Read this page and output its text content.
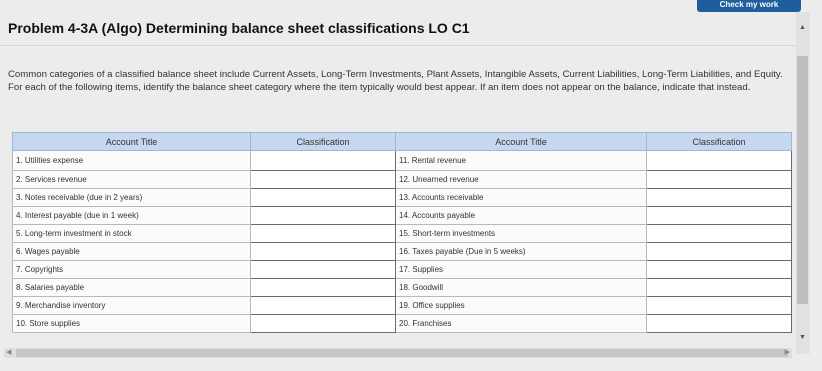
Check my work
Problem 4-3A (Algo) Determining balance sheet classifications LO C1
Common categories of a classified balance sheet include Current Assets, Long-Term Investments, Plant Assets, Intangible Assets, Current Liabilities, Long-Term Liabilities, and Equity. For each of the following items, identify the balance sheet category where the item typically would best appear. If an item does not appear on the balance, indicate that instead.
Account Title	Classification	Account Title	Classification
1. Utilities expense		11. Rental revenue	

2. Services revenue		12. Unearned revenue	

3. Notes receivable (due in 2 years)		13. Accounts receivable	

4. Interest payable (due in 1 week)		14. Accounts payable	

5. Long-term investment in stock		15. Short-term investments	

6. Wages payable		16. Taxes payable (Due in 5 weeks)	

7. Copyrights		17. Supplies	

8. Salaries payable		18. Goodwill	

9. Merchandise inventory		19. Office supplies	

10. Store supplies		20. Franchises	
◀	▶
▲
▼
